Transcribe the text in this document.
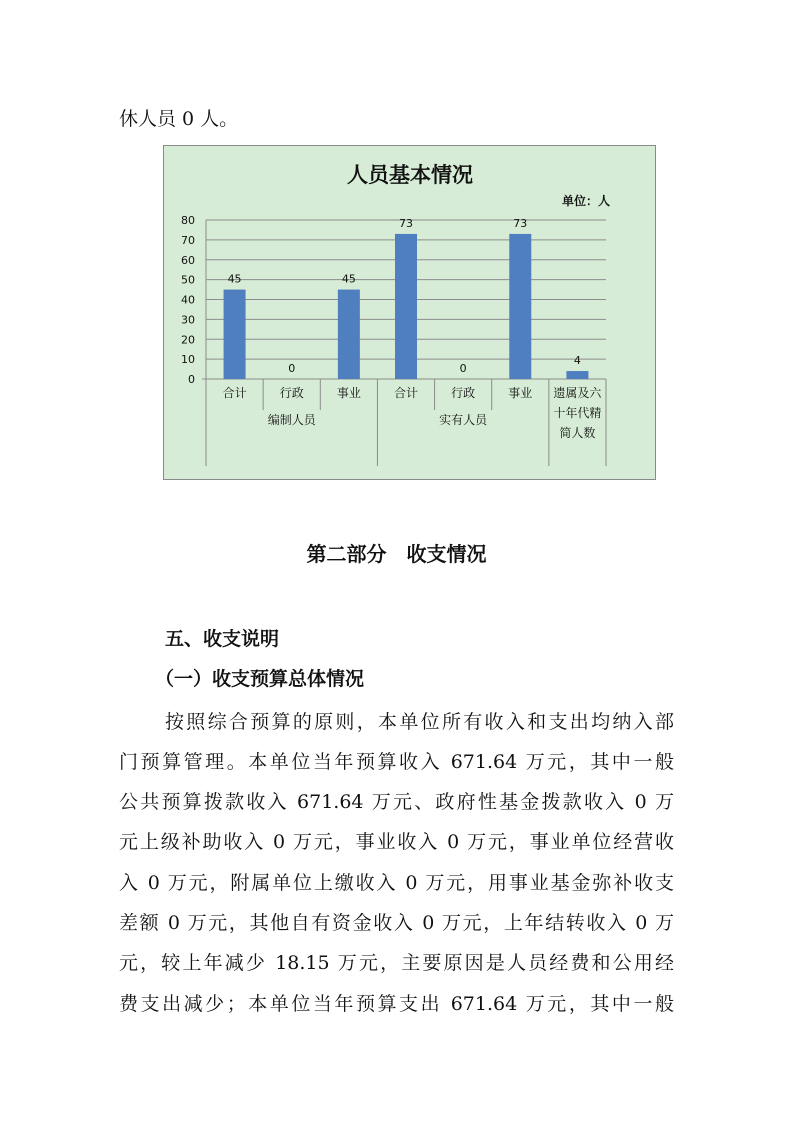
休人员 0 人。
人员基本情况
单位：人
0
10
20
30
40
50
60
70
80
45
0
45
73
0
73
4
合计	行政	事业	合计	行政	事业 遗属及六
十年代精
简人数
编制人员	实有人员
第二部分　收支情况
五、收支说明
（一）收支预算总体情况
按照综合预算的原则，本单位所有收入和支出均纳入部
门预算管理。本单位当年预算收入 671.64 万元，其中一般
公共预算拨款收入 671.64 万元、政府性基金拨款收入 0 万
元上级补助收入 0 万元，事业收入 0 万元，事业单位经营收
入 0 万元，附属单位上缴收入 0 万元，用事业基金弥补收支
差额 0 万元，其他自有资金收入 0 万元，上年结转收入 0 万
元，较上年减少 18.15 万元，主要原因是人员经费和公用经
费支出减少；本单位当年预算支出 671.64 万元，其中一般
